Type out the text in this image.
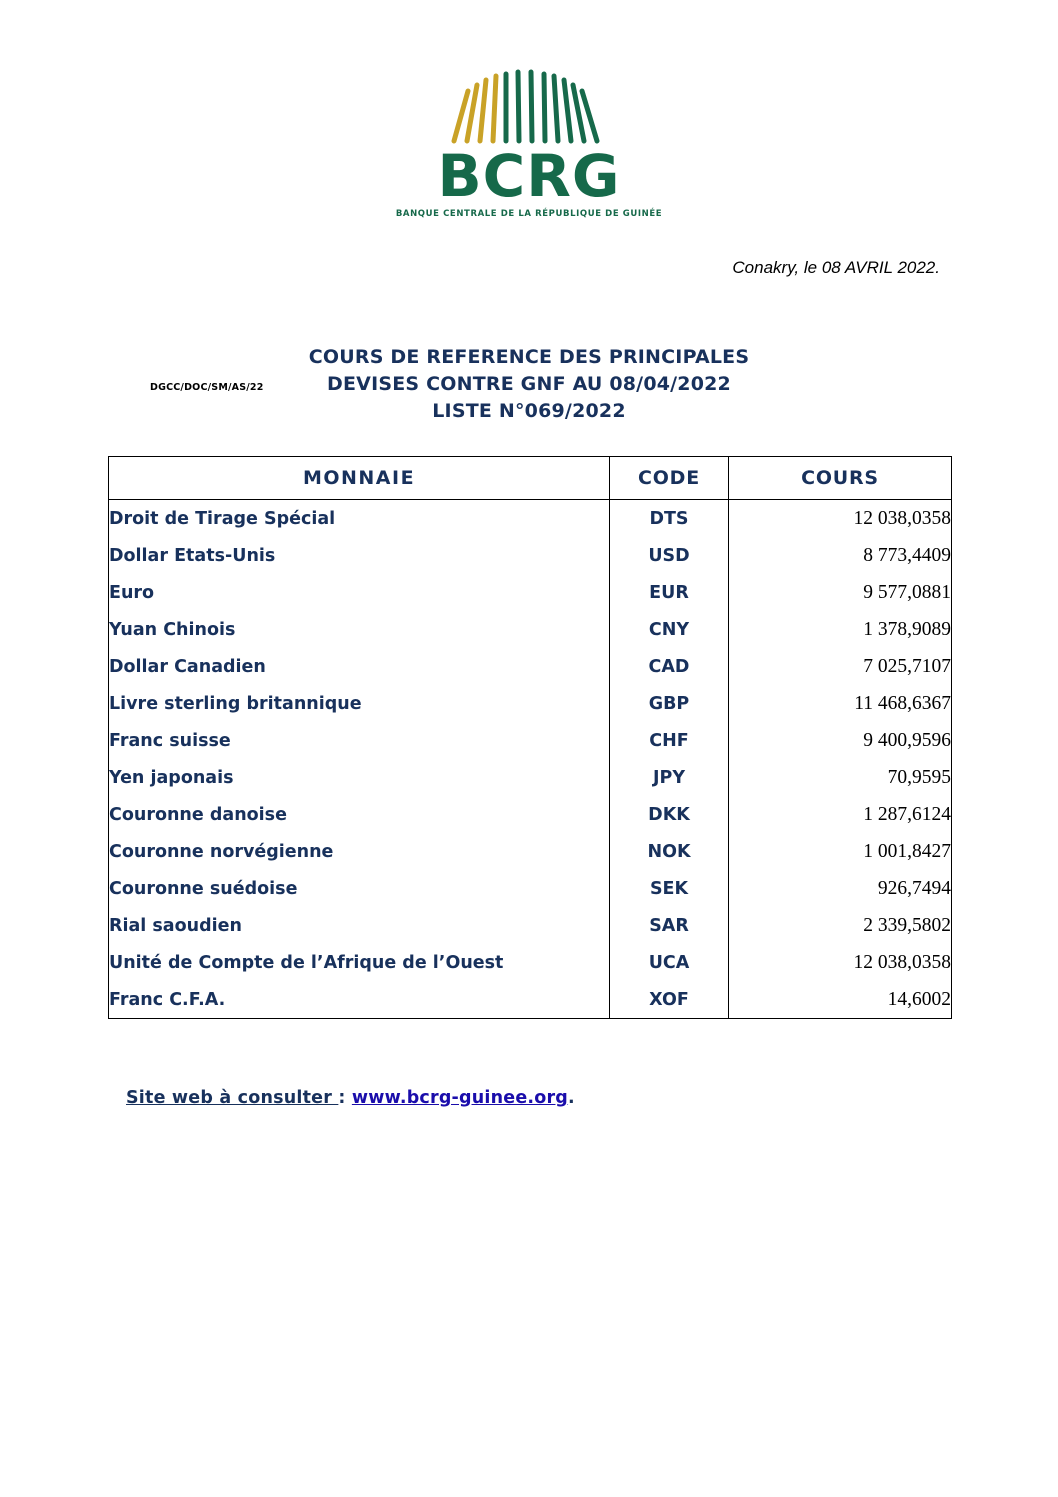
BCRG
BANQUE CENTRALE DE LA RÉPUBLIQUE DE GUINÉE
Conakry, le 08 AVRIL 2022.
DGCC/DOC/SM/AS/22
COURS DE REFERENCE DES PRINCIPALES
DEVISES CONTRE GNF AU 08/04/2022
LISTE N°069/2022
MONNAIE	CODE	COURS
Droit de Tirage Spécial	DTS	12 038,0358
Dollar Etats-Unis	USD	8 773,4409
Euro	EUR	9 577,0881
Yuan Chinois	CNY	1 378,9089
Dollar Canadien	CAD	7 025,7107
Livre sterling britannique	GBP	11 468,6367
Franc suisse	CHF	9 400,9596
Yen japonais	JPY	70,9595
Couronne danoise	DKK	1 287,6124
Couronne norvégienne	NOK	1 001,8427
Couronne suédoise	SEK	926,7494
Rial saoudien	SAR	2 339,5802
Unité de Compte de l’Afrique de l’Ouest	UCA	12 038,0358
Franc C.F.A.	XOF	14,6002
Site web à consulter : www.bcrg-guinee.org.
